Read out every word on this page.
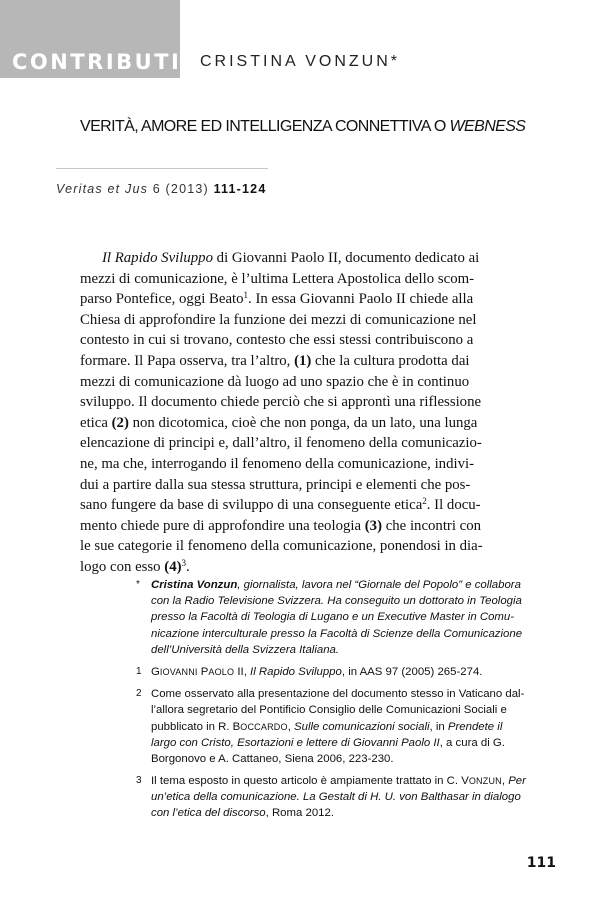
CONTRIBUTI CRISTINA VONZUN*
VERITÀ, AMORE ED INTELLIGENZA CONNETTIVA O WEBNESS
Veritas et Jus 6 (2013) 111-124
Il Rapido Sviluppo di Giovanni Paolo II, documento dedicato ai
mezzi di comunicazione, è l’ultima Lettera Apostolica dello scom-
parso Pontefice, oggi Beato$^1$. In essa Giovanni Paolo II chiede alla
Chiesa di approfondire la funzione dei mezzi di comunicazione nel
contesto in cui si trovano, contesto che essi stessi contribuiscono a
formare. Il Papa osserva, tra l’altro, (1) che la cultura prodotta dai
mezzi di comunicazione dà luogo ad uno spazio che è in continuo
sviluppo. Il documento chiede perciò che si approntì una riflessione
etica (2) non dicotomica, cioè che non ponga, da un lato, una lunga
elencazione di principi e, dall’altro, il fenomeno della comunicazio-
ne, ma che, interrogando il fenomeno della comunicazione, indivi-
dui a partire dalla sua stessa struttura, principi e elementi che pos-
sano fungere da base di sviluppo di una conseguente etica$^2$. Il docu-
mento chiede pure di approfondire una teologia (3) che incontri con
le sue categorie il fenomeno della comunicazione, ponendosi in dia-
logo con esso $(4)^3$.
* Cristina Vonzun, giornalista, lavora nel “Giornale del Popolo” e collabora
con la Radio Televisione Svizzera. Ha conseguito un dottorato in Teologia
presso la Facoltà di Teologia di Lugano e un Executive Master in Comu-
nicazione interculturale presso la Facoltà di Scienze della Comunicazione
dell’Università della Svizzera Italiana.
1 GIOVANNI PAOLO II, Il Rapido Sviluppo, in AAS 97 (2005) 265-274.
2 Come osservato alla presentazione del documento stesso in Vaticano dal-
l’allora segretario del Pontificio Consiglio delle Comunicazioni Sociali e
pubblicato in R. BOCCARDO, Sulle comunicazioni sociali, in Prendete il
largo con Cristo, Esortazioni e lettere di Giovanni Paolo II, a cura di G.
Borgonovo e A. Cattaneo, Siena 2006, 223-230.
3 Il tema esposto in questo articolo è ampiamente trattato in C. VONZUN, Per
un’etica della comunicazione. La Gestalt di H. U. von Balthasar in dialogo
con l’etica del discorso, Roma 2012.
111
